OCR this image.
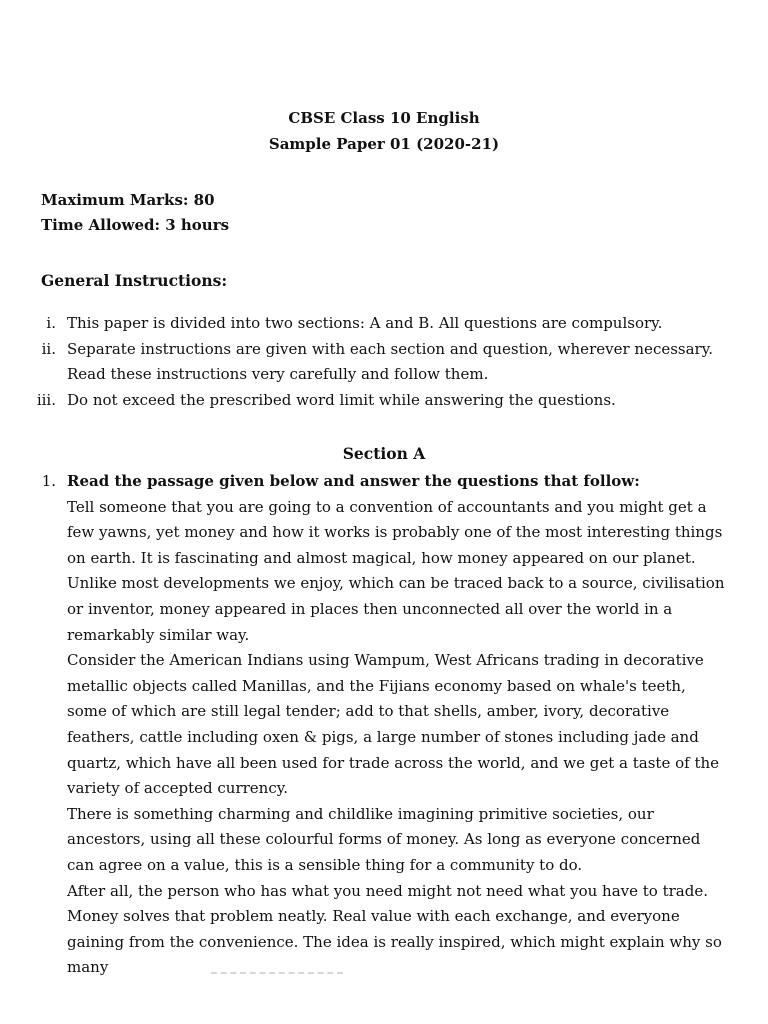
CBSE Class 10 English
Sample Paper 01 (2020-21)
Maximum Marks: 80
Time Allowed: 3 hours
General Instructions:
i. This paper is divided into two sections: A and B. All questions are compulsory.
ii. Separate instructions are given with each section and question, wherever necessary. Read these instructions very carefully and follow them.
iii. Do not exceed the prescribed word limit while answering the questions.
Section A
1. Read the passage given below and answer the questions that follow:

Tell someone that you are going to a convention of accountants and you might get a few yawns, yet money and how it works is probably one of the most interesting things on earth. It is fascinating and almost magical, how money appeared on our planet. Unlike most developments we enjoy, which can be traced back to a source, civilisation or inventor, money appeared in places then unconnected all over the world in a remarkably similar way.

Consider the American Indians using Wampum, West Africans trading in decorative metallic objects called Manillas, and the Fijians economy based on whale's teeth, some of which are still legal tender; add to that shells, amber, ivory, decorative feathers, cattle including oxen & pigs, a large number of stones including jade and quartz, which have all been used for trade across the world, and we get a taste of the variety of accepted currency.

There is something charming and childlike imagining primitive societies, our ancestors, using all these colourful forms of money. As long as everyone concerned can agree on a value, this is a sensible thing for a community to do.

After all, the person who has what you need might not need what you have to trade. Money solves that problem neatly. Real value with each exchange, and everyone gaining from the convenience. The idea is really inspired, which might explain why so many
